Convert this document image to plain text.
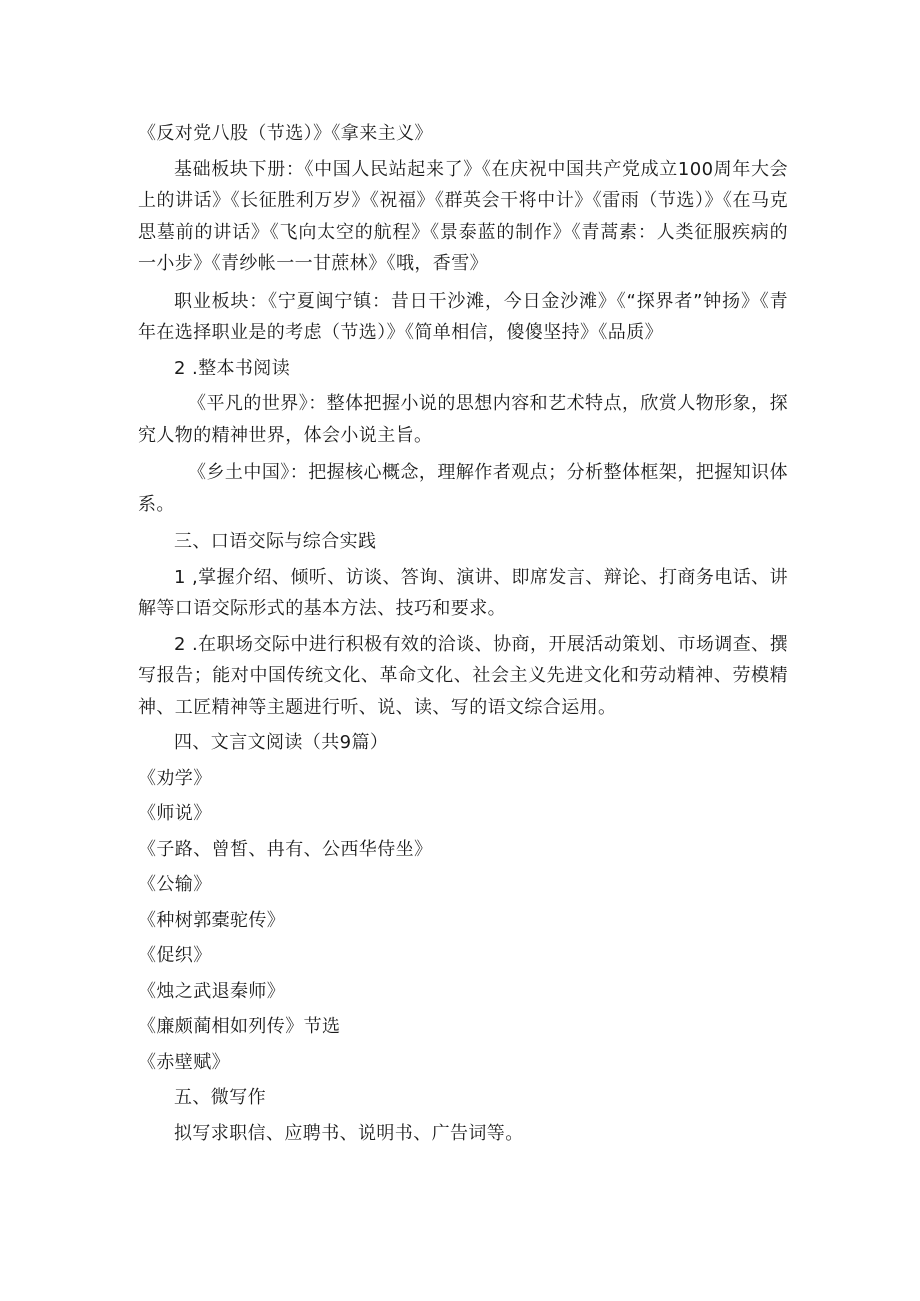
《反对党八股（节选）》《拿来主义》

基础板块下册：《中国人民站起来了》《在庆祝中国共产党成立100周年大会上的讲话》《长征胜利万岁》《祝福》《群英会干将中计》《雷雨（节选）》《在马克思墓前的讲话》《飞向太空的航程》《景泰蓝的制作》《青蒿素：人类征服疾病的一小步》《青纱帐一一甘蔗林》《哦，香雪》

职业板块：《宁夏闽宁镇：昔日干沙滩，今日金沙滩》《“探界者”钟扬》《青年在选择职业是的考虑（节选）》《简单相信，傻傻坚持》《品质》

2 .整本书阅读

《平凡的世界》：整体把握小说的思想内容和艺术特点，欣赏人物形象，探究人物的精神世界，体会小说主旨。

《乡土中国》：把握核心概念，理解作者观点；分析整体框架，把握知识体系。

三、口语交际与综合实践

1 ,掌握介绍、倾听、访谈、答询、演讲、即席发言、辩论、打商务电话、讲解等口语交际形式的基本方法、技巧和要求。

2 .在职场交际中进行积极有效的洽谈、协商，开展活动策划、市场调查、撰写报告；能对中国传统文化、革命文化、社会主义先进文化和劳动精神、劳模精神、工匠精神等主题进行听、说、读、写的语文综合运用。

四、文言文阅读（共9篇）

《劝学》

《师说》

《子路、曾皙、冉有、公西华侍坐》

《公输》

《种树郭橐驼传》

《促织》

《烛之武退秦师》

《廉颇蔺相如列传》节选

《赤壁赋》

五、微写作

拟写求职信、应聘书、说明书、广告词等。
